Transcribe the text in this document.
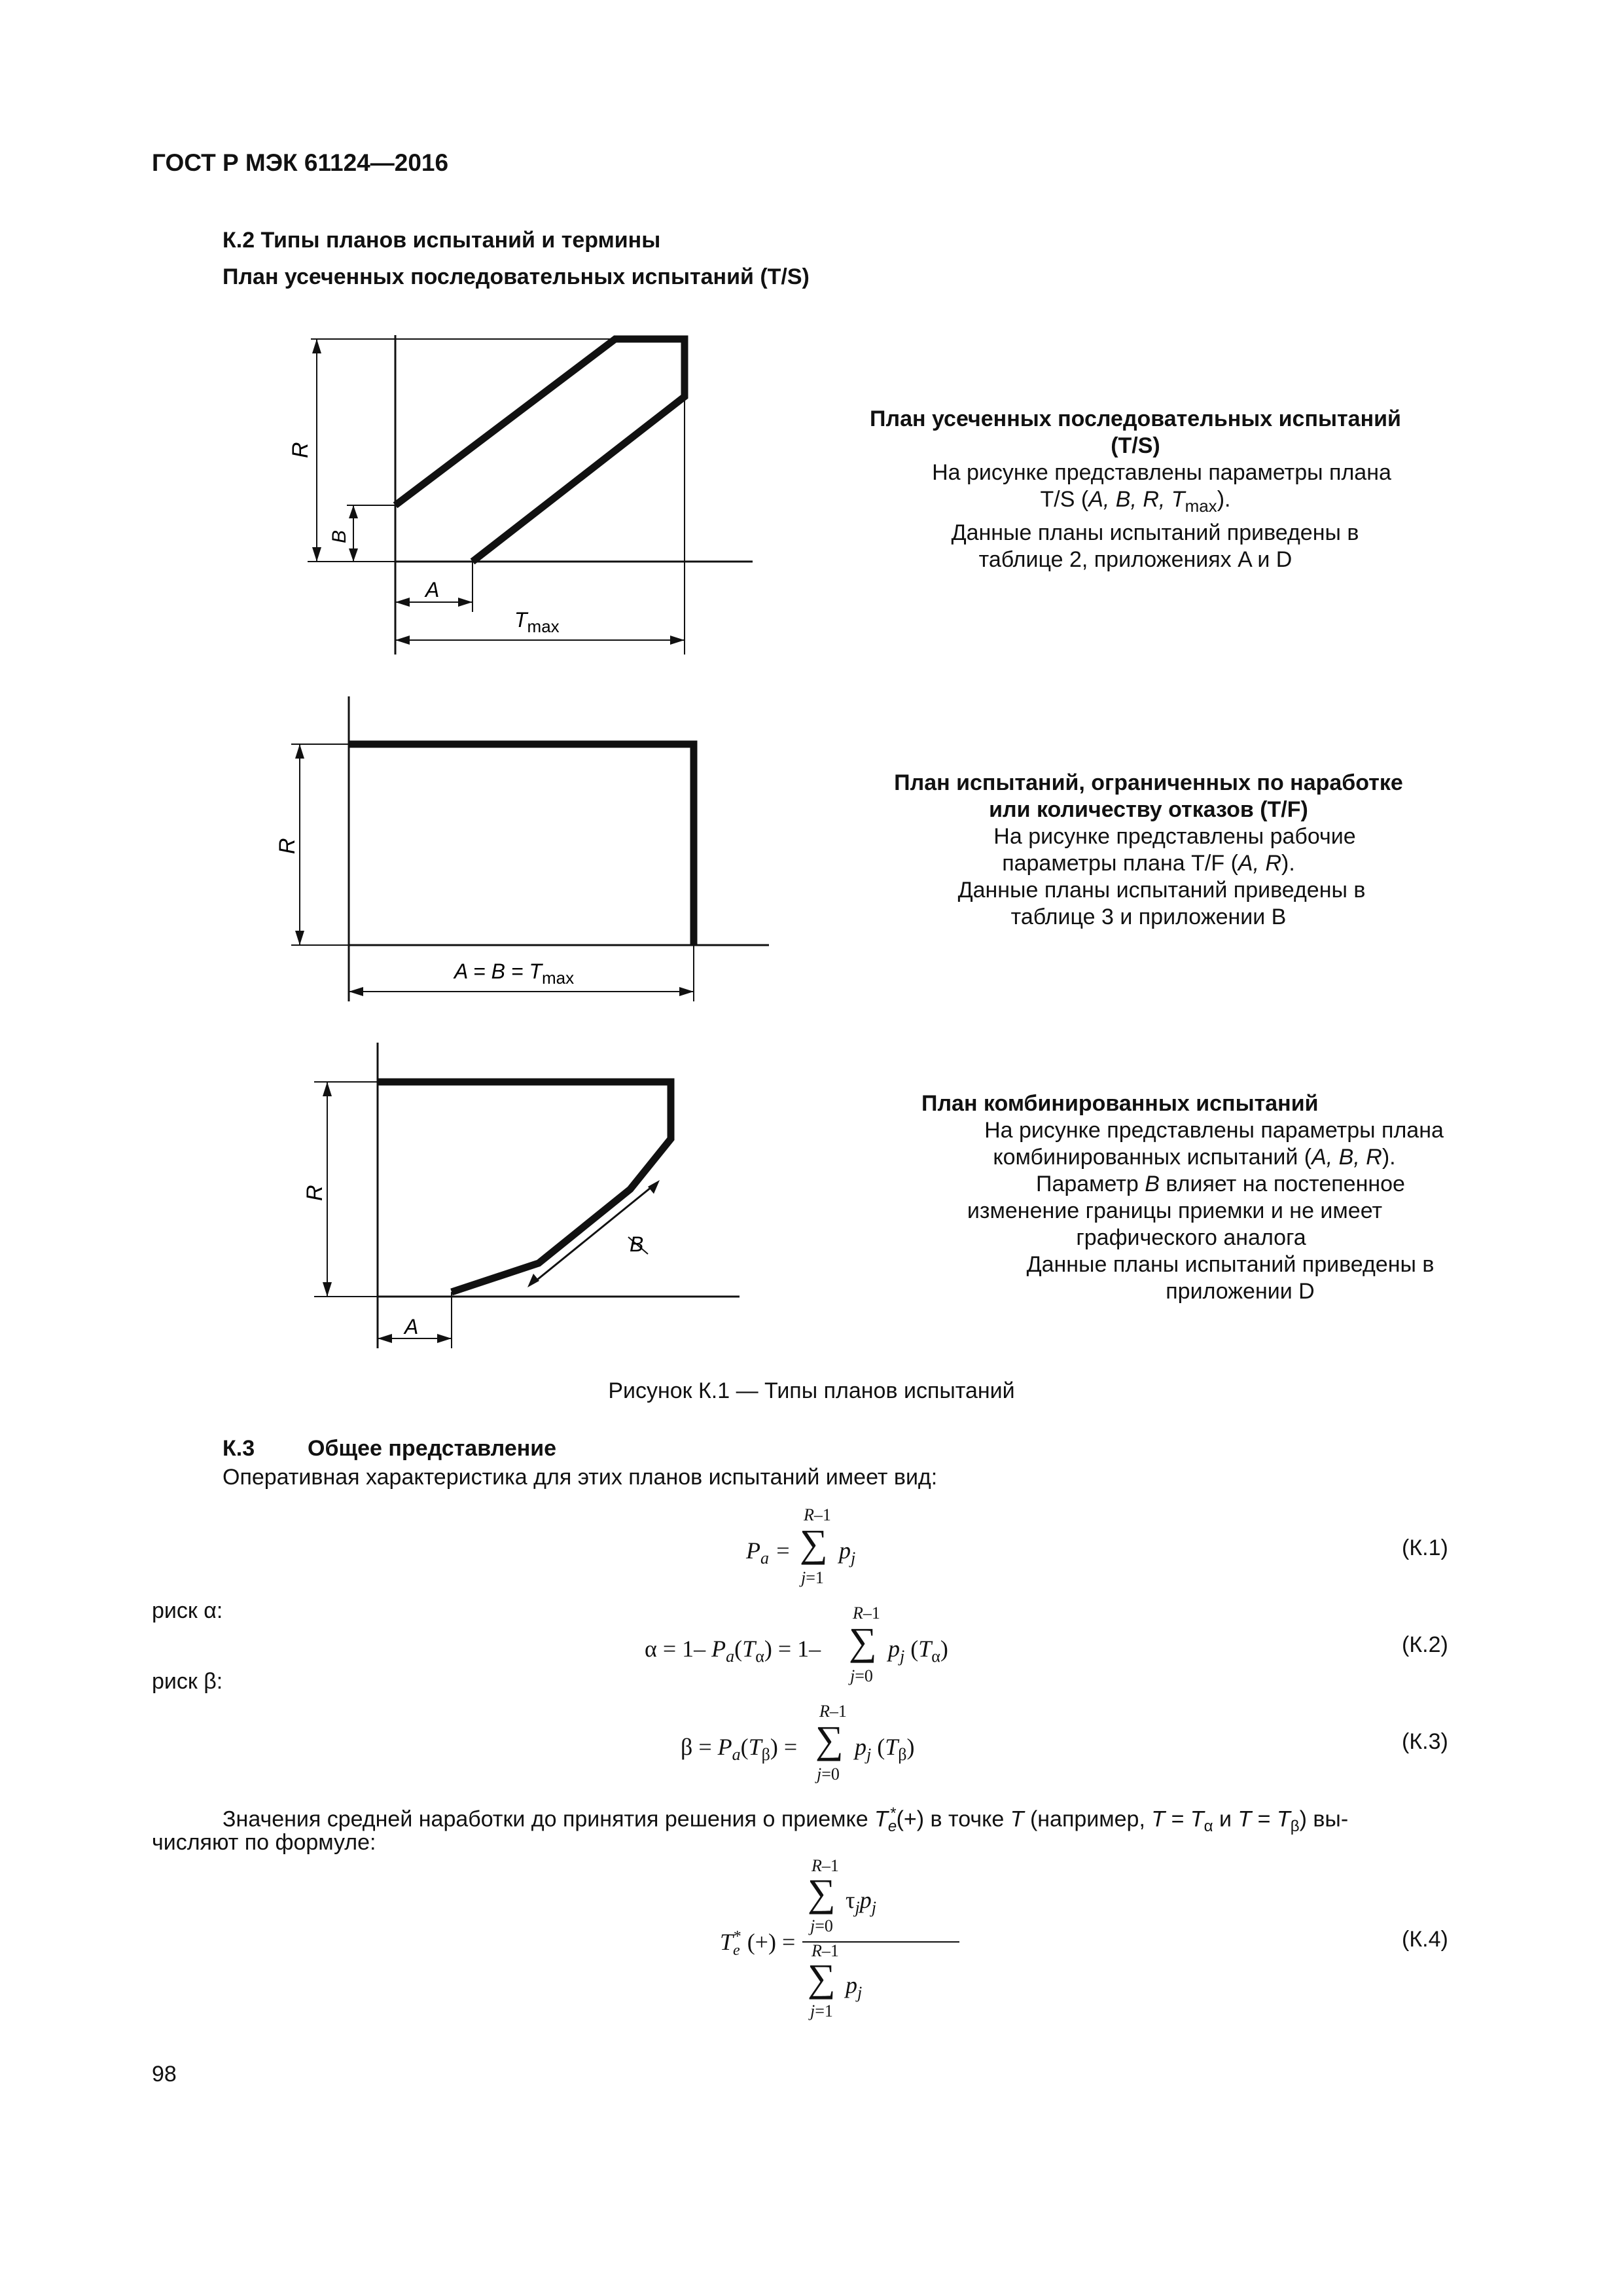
ГОСТ Р МЭК 61124—2016
К.2 Типы планов испытаний и термины
План усеченных последовательных испытаний (T/S)
R
B
A
$T_{max}$
План усеченных последовательных испытаний
(T/S)
На рисунке представлены параметры плана
T/S (A, B, R, $T_{max}$).
Данные планы испытаний приведены в
таблице 2, приложениях A и D
R
$A = B = T_{max}$
План испытаний, ограниченных по наработке
или количеству отказов (T/F)
На рисунке представлены рабочие
параметры плана T/F (A, R).
Данные планы испытаний приведены в
таблице 3 и приложении B
R
B
A
План комбинированных испытаний
На рисунке представлены параметры плана
комбинированных испытаний (A, B, R).
Параметр B влияет на постепенное
изменение границы приемки и не имеет
графического аналога
Данные планы испытаний приведены в
приложении D
Рисунок К.1 — Типы планов испытаний
К.3 Общее представление
Оперативная характеристика для этих планов испытаний имеет вид:
$P_a$ =
R–1
∑
j=1
$p_j$	(К.1)
риск α:
α = 1– $P_a(T_\alpha) = 1-$
R–1
∑
j=0
$p_j$ $(T_\alpha)$	(К.2)
риск β:
$\beta = P_a(T_\beta)$ =
R–1
∑
j=0
$p_j$ $(T_\beta)$	(К.3)
Значения средней наработки до принятия решения о приемке $T_e^*(+)$ в точке T (например, $T = T_\alpha$ и $T = T_\beta$) вы-
числяют по формуле:
$T_e^*$ (+) =
R–1
∑
j=0
$\tau_jp_j$
R–1
∑
j=1
$p_j$
(К.4)
98
